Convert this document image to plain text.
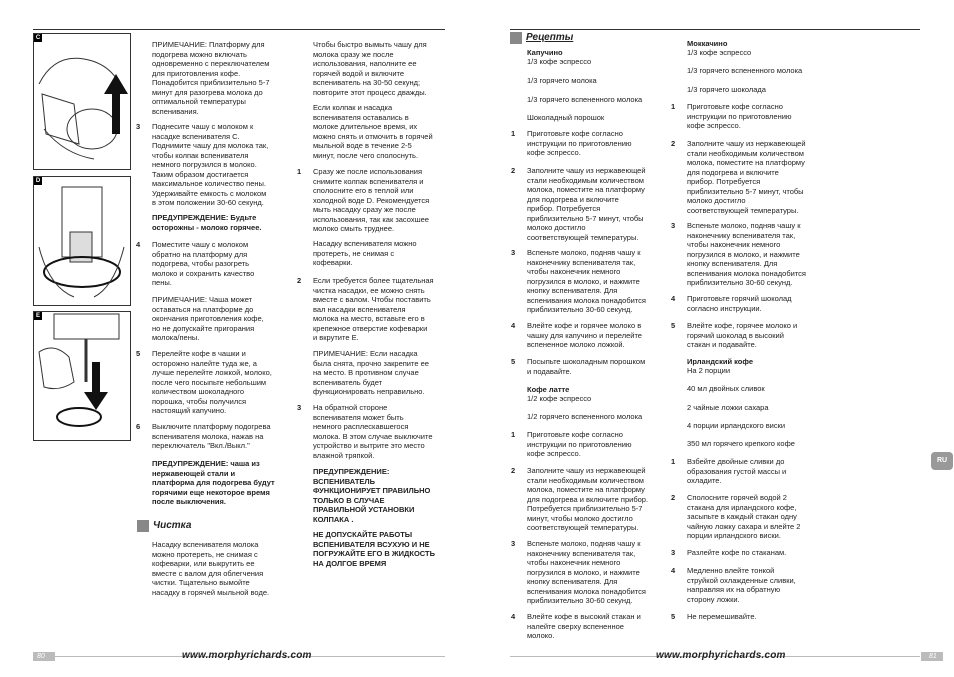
C
D
E
ПРИМЕЧАНИЕ: Платформу для
подогрева можно включать
одновременно с переключателем
для приготовления кофе.
Понадобится приблизительно 5-7
минут для разогрева молока до
оптимальной температуры
вспенивания.
3 Поднесите чашу с молоком к
насадке вспенивателя C.
Поднимите чашу для молока так,
чтобы колпак вспенивателя
немного погрузился в молоко.
Таким образом достигается
максимальное количество пены.
Удерживайте емкость с молоком
в этом положении 30-60 секунд.
ПРЕДУПРЕЖДЕНИЕ: Будьте
осторожны - молоко горячее.
4 Поместите чашу с молоком
обратно на платформу для
подогрева, чтобы разогреть
молоко и сохранить качество
пены.
ПРИМЕЧАНИЕ: Чаша может
оставаться на платформе до
окончания приготовления кофе,
но не допускайте пригорания
молока/пены.
5 Перелейте кофе в чашки и
осторожно налейте туда же, а
лучше перелейте ложкой, молоко,
после чего посыпьте небольшим
количеством шоколадного
порошка, чтобы получился
настоящий капучино.
6 Выключите платформу подогрева
вспенивателя молока, нажав на
переключатель "Вкл./Выкл."
ПРЕДУПРЕЖДЕНИЕ: чаша из
нержавеющей стали и
платформа для подогрева будут
горячими еще некоторое время
после выключения.
Чистка
Насадку вспенивателя молока
можно протереть, не снимая с
кофеварки, или выкрутить ее
вместе с валом для облегчения
чистки. Тщательно вымойте
насадку в горячей мыльной воде.
Чтобы быстро вымыть чашу для
молока сразу же после
использования, наполните ее
горячей водой и включите
вспениватель на 30-50 секунд;
повторите этот процесс дважды.
Если колпак и насадка
вспенивателя оставались в
молоке длительное время, их
можно снять и отмочить в горячей
мыльной воде в течение 2-5
минут, после чего сполоснуть.
1 Сразу же после использования
снимите колпак вспенивателя и
сполосните его в теплой или
холодной воде D. Рекомендуется
мыть насадку сразу же после
использования, так как засохшее
молоко смыть труднее.
Насадку вспенивателя можно
протереть, не снимая с
кофеварки.
2 Если требуется более тщательная
чистка насадки, ее можно снять
вместе с валом. Чтобы поставить
вал насадки вспенивателя
молока на место, вставьте его в
крепежное отверстие кофеварки
и вкрутите E.
ПРИМЕЧАНИЕ: Если насадка
была снята, прочно закрепите ее
на место. В противном случае
вспениватель будет
функционировать неправильно.
3 На обратной стороне
вспенивателя может быть
немного расплескавшегося
молока. В этом случае выключите
устройство и вытрите это место
влажной тряпкой.
ПРЕДУПРЕЖДЕНИЕ:
ВСПЕНИВАТЕЛЬ
ФУНКЦИОНИРУЕТ ПРАВИЛЬНО
ТОЛЬКО В СЛУЧАЕ
ПРАВИЛЬНОЙ УСТАНОВКИ
КОЛПАКА .
НЕ ДОПУСКАЙТЕ РАБОТЫ
ВСПЕНИВАТЕЛЯ ВСУХУЮ И НЕ
ПОГРУЖАЙТЕ ЕГО В ЖИДКОСТЬ
НА ДОЛГОЕ ВРЕМЯ
80	www.morphyrichards.com
Рецепты
Капучино
1/3 кофе эспрессо
1/3 горячего молока
1/3 горячего вспененного молока
Шоколадный порошок
1 Приготовьте кофе согласно
инструкции по приготовлению
кофе эспрессо.
2 Заполните чашу из нержавеющей
стали необходимым количеством
молока, поместите на платформу
для подогрева и включите
прибор. Потребуется
приблизительно 5-7 минут, чтобы
молоко достигло
соответствующей температуры.
3 Вспеньте молоко, подняв чашу к
наконечнику вспенивателя так,
чтобы наконечник немного
погрузился в молоко, и нажмите
кнопку вспенивателя. Для
вспенивания молока понадобится
приблизительно 30-60 секунд.
4 Влейте кофе и горячее молоко в
чашку для капучино и перелейте
вспененное молоко ложкой.
5 Посыпьте шоколадным порошком
и подавайте.
Кофе латте
1/2 кофе эспрессо
1/2 горячего вспененного молока
1 Приготовьте кофе согласно
инструкции по приготовлению
кофе эспрессо.
2 Заполните чашу из нержавеющей
стали необходимым количеством
молока, поместите на платформу
для подогрева и включите прибор.
Потребуется приблизительно 5-7
минут, чтобы молоко достигло
соответствующей температуры.
3 Вспеньте молоко, подняв чашу к
наконечнику вспенивателя так,
чтобы наконечник немного
погрузился в молоко, и нажмите
кнопку вспенивателя. Для
вспенивания молока понадобится
приблизительно 30-60 секунд.
4 Влейте кофе в высокий стакан и
налейте сверху вспененное
молоко.
Моккачино
1/3 кофе эспрессо
1/3 горячего вспененного молока
1/3 горячего шоколада
1 Приготовьте кофе согласно
инструкции по приготовлению
кофе эспрессо.
2 Заполните чашу из нержавеющей
стали необходимым количеством
молока, поместите на платформу
для подогрева и включите
прибор. Потребуется
приблизительно 5-7 минут, чтобы
молоко достигло
соответствующей температуры.
3 Вспеньте молоко, подняв чашу к
наконечнику вспенивателя так,
чтобы наконечник немного
погрузился в молоко, и нажмите
кнопку вспенивателя. Для
вспенивания молока понадобится
приблизительно 30-60 секунд.
4 Приготовьте горячий шоколад
согласно инструкции.
5 Влейте кофе, горячее молоко и
горячий шоколад в высокий
стакан и подавайте.
Ирландский кофе
На 2 порции
40 мл двойных сливок
2 чайные ложки сахара
4 порции ирландского виски
350 мл горячего крепкого кофе
1 Взбейте двойные сливки до
образования густой массы и
охладите.
2 Сполосните горячей водой 2
стакана для ирландского кофе,
засыпьте в каждый стакан одну
чайную ложку сахара и влейте 2
порции ирландского виски.
3 Разлейте кофе по стаканам.
4 Медленно влейте тонкой
струйкой охлажденные сливки,
направляя их на обратную
сторону ложки.
5 Не перемешивайте.
RU
www.morphyrichards.com	81
